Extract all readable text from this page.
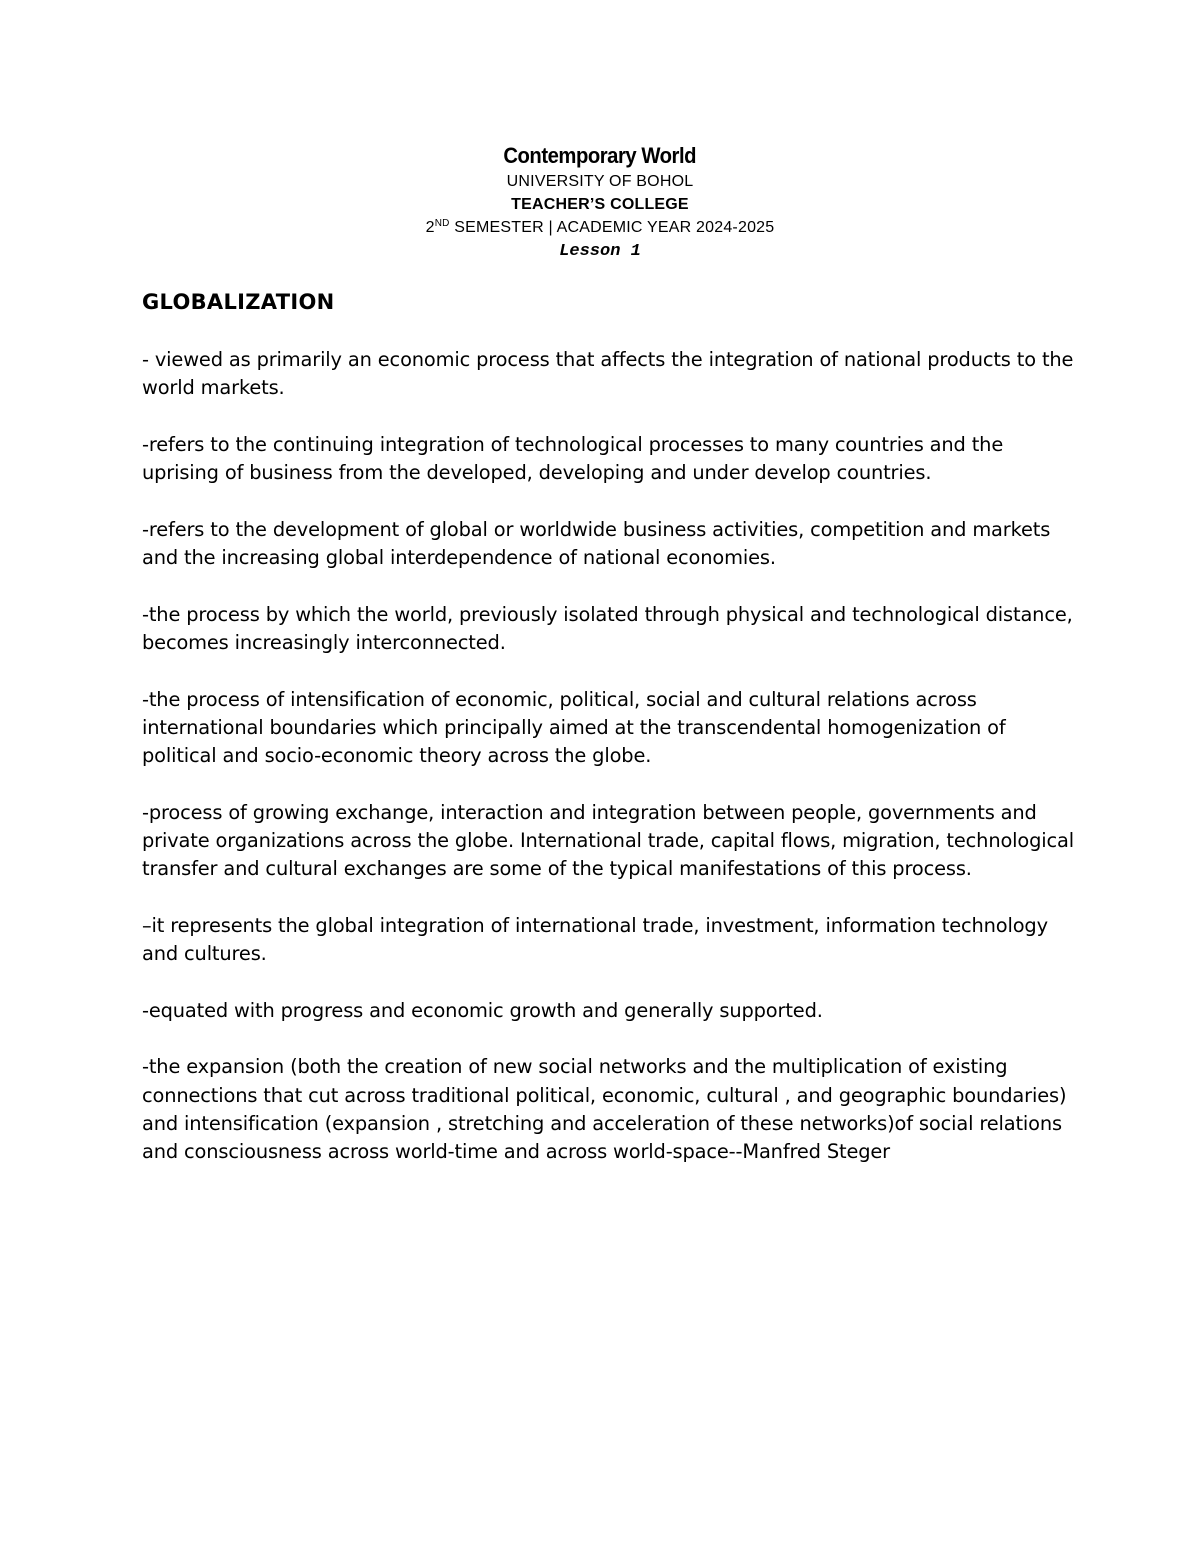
Contemporary World
UNIVERSITY OF BOHOL
TEACHER’S COLLEGE
2ND SEMESTER | ACADEMIC YEAR 2024-2025
Lesson 1
GLOBALIZATION

- viewed as primarily an economic process that affects the integration of national products to the world markets.

-refers to the continuing integration of technological processes to many countries and the uprising of business from the developed, developing and under develop countries.

-refers to the development of global or worldwide business activities, competition and markets and the increasing global interdependence of national economies.

-the process by which the world, previously isolated through physical and technological distance, becomes increasingly interconnected.

-the process of intensification of economic, political, social and cultural relations across international boundaries which principally aimed at the transcendental homogenization of political and socio-economic theory across the globe.

-process of growing exchange, interaction and integration between people, governments and private organizations across the globe. International trade, capital flows, migration, technological transfer and cultural exchanges are some of the typical manifestations of this process.

–it represents the global integration of international trade, investment, information technology and cultures.

-equated with progress and economic growth and generally supported.

-the expansion (both the creation of new social networks and the multiplication of existing connections that cut across traditional political, economic, cultural , and geographic boundaries) and intensification (expansion , stretching and acceleration of these networks)of social relations and consciousness across world-time and across world-space--Manfred Steger
